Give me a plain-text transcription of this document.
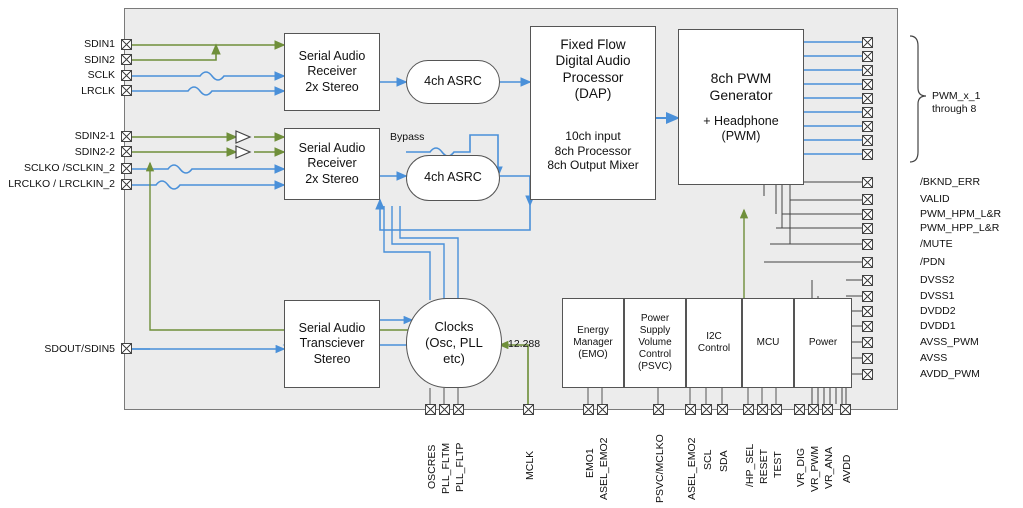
Serial Audio
Receiver
2x Stereo
Serial Audio
Receiver
2x Stereo
4ch ASRC
4ch ASRC
Fixed Flow
Digital Audio
Processor
(DAP)
10ch input
8ch Processor
8ch Output Mixer
8ch PWM
Generator
+ Headphone
(PWM)
Serial Audio
Transciever
Stereo
Clocks
(Osc, PLL
etc)
Energy
Manager
(EMO)
Power
Supply
Volume
Control
(PSVC)
I2C
Control
MCU	Power
Bypass
12.288
SDIN1
SDIN2
SCLK
LRCLK
SDIN2-1
SDIN2-2
SCLKO /SCLKIN_2
LRCLKO / LRCLKIN_2
SDOUT/SDIN5
PWM_x_1
through 8
/BKND_ERR
VALID
PWM_HPM_L&R
PWM_HPP_L&R
/MUTE
/PDN
DVSS2
DVSS1
DVDD2
DVDD1
AVSS_PWM
AVSS
AVDD_PWM
OSCRES PLL_FLTM PLL_FLTP	MCLK	EMO1 ASEL_EMO2	PSVC/MCLKO ASEL_EMO2 SCL SDA /HP_SEL RESET TEST VR_DIG VR_PWM VR_ANA AVDD
